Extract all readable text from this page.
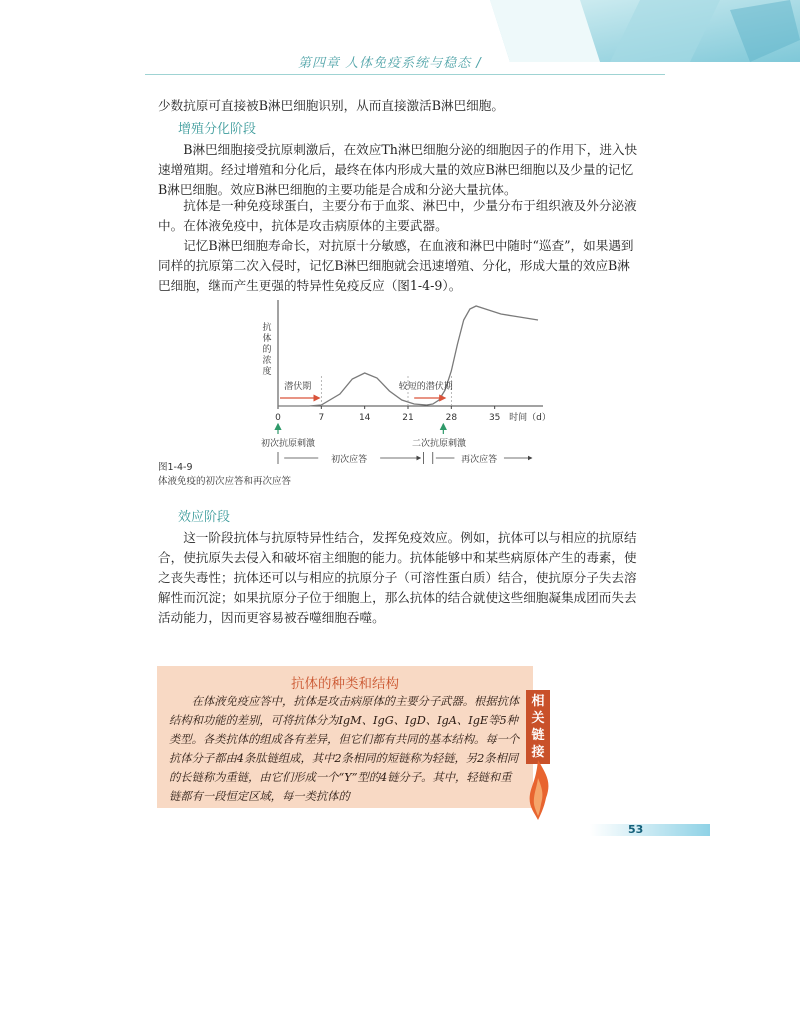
第四章 人体免疫系统与稳态 /

少数抗原可直接被B淋巴细胞识别，从而直接激活B淋巴细胞。

增殖分化阶段

B淋巴细胞接受抗原刺激后，在效应Th淋巴细胞分泌的细胞因子的作用下，进入快速增殖期。经过增殖和分化后，最终在体内形成大量的效应B淋巴细胞以及少量的记忆B淋巴细胞。效应B淋巴细胞的主要功能是合成和分泌大量抗体。

抗体是一种免疫球蛋白，主要分布于血浆、淋巴中，少量分布于组织液及外分泌液中。在体液免疫中，抗体是攻击病原体的主要武器。

记忆B淋巴细胞寿命长，对抗原十分敏感，在血液和淋巴中随时“巡查”，如果遇到同样的抗原第二次入侵时，记忆B淋巴细胞就会迅速增殖、分化，形成大量的效应B淋巴细胞，继而产生更强的特异性免疫反应（图1-4-9）。

抗
体
的
浓
度
0	7	14	21	28	35 时间（d）
潜伏期	较短的潜伏期
初次抗原刺激	二次抗原刺激
初次应答	再次应答
图1-4-9
体液免疫的初次应答和再次应答

效应阶段

这一阶段抗体与抗原特异性结合，发挥免疫效应。例如，抗体可以与相应的抗原结合，使抗原失去侵入和破坏宿主细胞的能力。抗体能够中和某些病原体产生的毒素，使之丧失毒性；抗体还可以与相应的抗原分子（可溶性蛋白质）结合，使抗原分子失去溶解性而沉淀；如果抗原分子位于细胞上，那么抗体的结合就使这些细胞凝集成团而失去活动能力，因而更容易被吞噬细胞吞噬。

抗体的种类和结构

在体液免疫应答中，抗体是攻击病原体的主要分子武器。根据抗体结构和功能的差别，可将抗体分为IgM、IgG、IgD、IgA、IgE等5种类型。各类抗体的组成各有差异，但它们都有共同的基本结构。每一个抗体分子都由4条肽链组成，其中2条相同的短链称为轻链，另2条相同的长链称为重链，由它们形成一个“Y”型的4链分子。其中，轻链和重链都有一段恒定区域，每一类抗体的

相关链接
53
